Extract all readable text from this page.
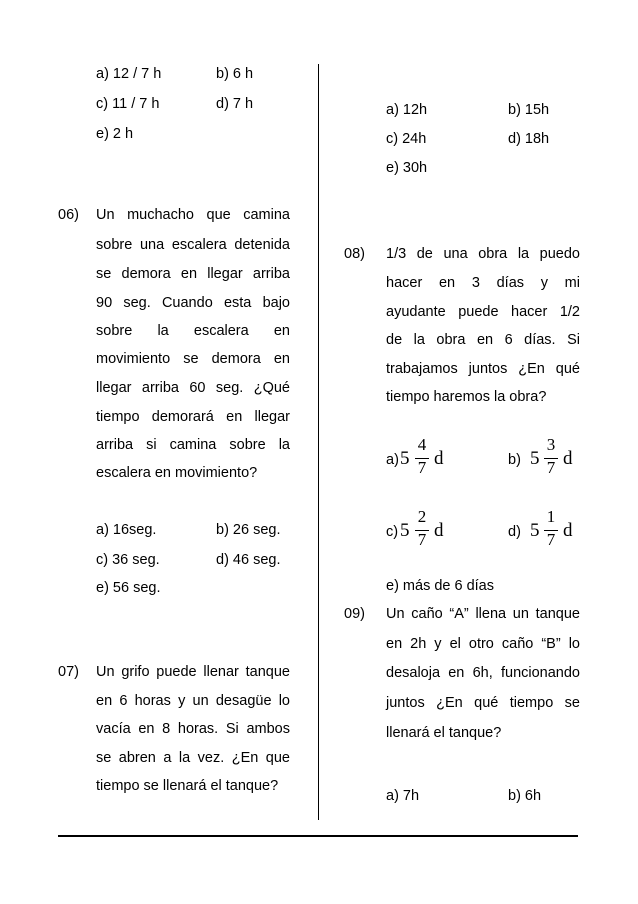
a) 12 / 7 h	b) 6 h
c) 11 / 7 h	d) 7 h
e) 2 h
06) Un muchacho que camina
sobre una escalera detenida
se demora en llegar arriba
90 seg. Cuando esta bajo
sobre la escalera en
movimiento se demora en
llegar arriba 60 seg. ¿Qué
tiempo demorará en llegar
arriba si camina sobre la
escalera en movimiento?
a) 16seg.	b) 26 seg.
c) 36 seg.	d) 46 seg.
e) 56 seg.
07) Un grifo puede llenar tanque
en 6 horas y un desagüe lo
vacía en 8 horas. Si ambos
se abren a la vez. ¿En que
tiempo se llenará el tanque?
a) 12h	b) 15h
c) 24h	d) 18h
e) 30h
08) 1/3 de una obra la puedo
hacer en 3 días y mi
ayudante puede hacer 1/2
de la obra en 6 días. Si
trabajamos juntos ¿En qué
tiempo haremos la obra?
a) 5
4
7 d	b) 5
3
7 d
c) 5
2
7 d	d) 5
1
7 d
e) más de 6 días
09) Un caño “A” llena un tanque
en 2h y el otro caño “B” lo
desaloja en 6h, funcionando
juntos ¿En qué tiempo se
llenará el tanque?
a) 7h	b) 6h
